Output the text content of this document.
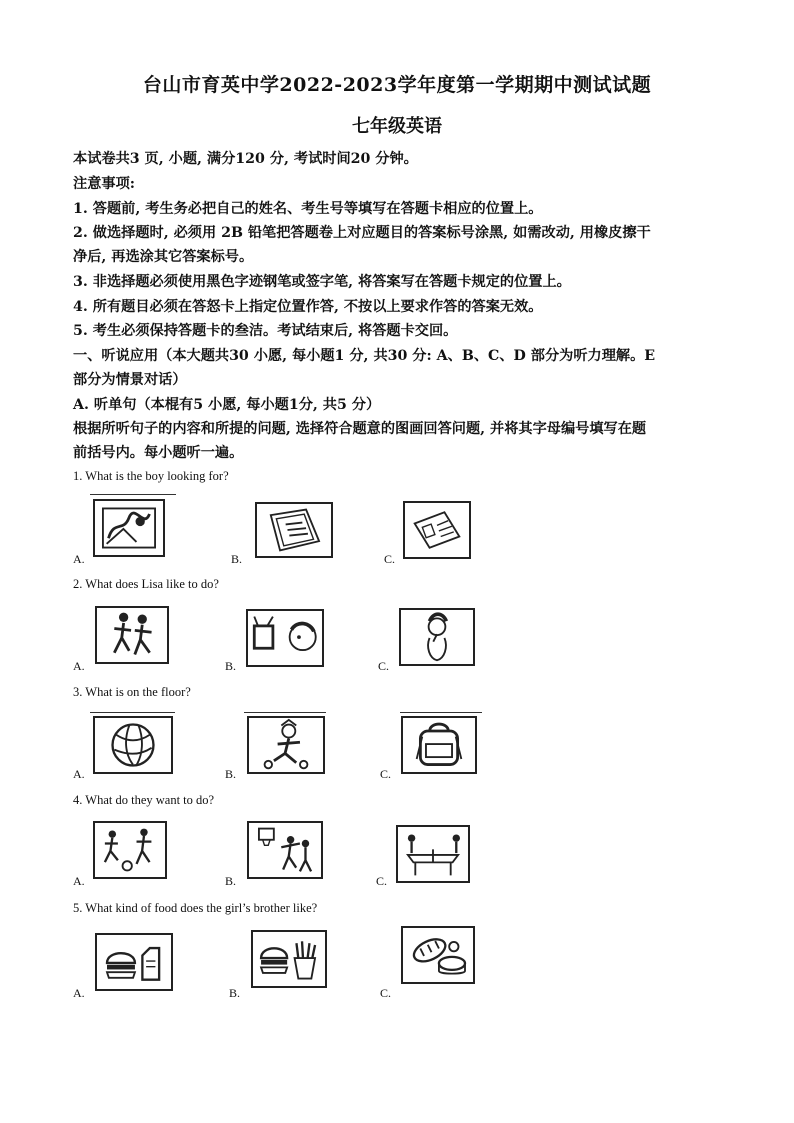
台山市育英中学2022-2023学年度第一学期期中测试试题
七年级英语
本试卷共3 页, 小题, 满分120 分, 考试时间20 分钟。
注意事项:
1. 答题前, 考生务必把自己的姓名、考生号等填写在答题卡相应的位置上。
2. 做选择题时, 必须用 2B 铅笔把答题卷上对应题目的答案标号涂黑, 如需改动, 用橡皮擦干
净后, 再选涂其它答案标号。
3. 非选择题必须使用黑色字迹钢笔或签字笔, 将答案写在答题卡规定的位置上。
4. 所有题目必须在答怒卡上指定位置作答, 不按以上要求作答的答案无效。
5. 考生必须保持答题卡的叁洁。考试结束后, 将答题卡交回。
一、听说应用（本大题共30 小愿, 每小题1 分, 共30 分: A、B、C、D 部分为听力理解。E
部分为情景对话）
A. 听单句（本棍有5 小愿, 每小题1分, 共5 分）
根据所听句子的内容和所提的问题, 选择符合题意的图画回答问题, 并将其字母编号填写在题
前括号内。每小题听一遍。
1. What is the boy looking for?
A.	B.	C.
2. What does Lisa like to do?
A.	B.	C.
3. What is on the floor?
A.	B.	C.
4. What do they want to do?
A.	B.	C.
5. What kind of food does the girl’s brother like?
A.	B.	C.
